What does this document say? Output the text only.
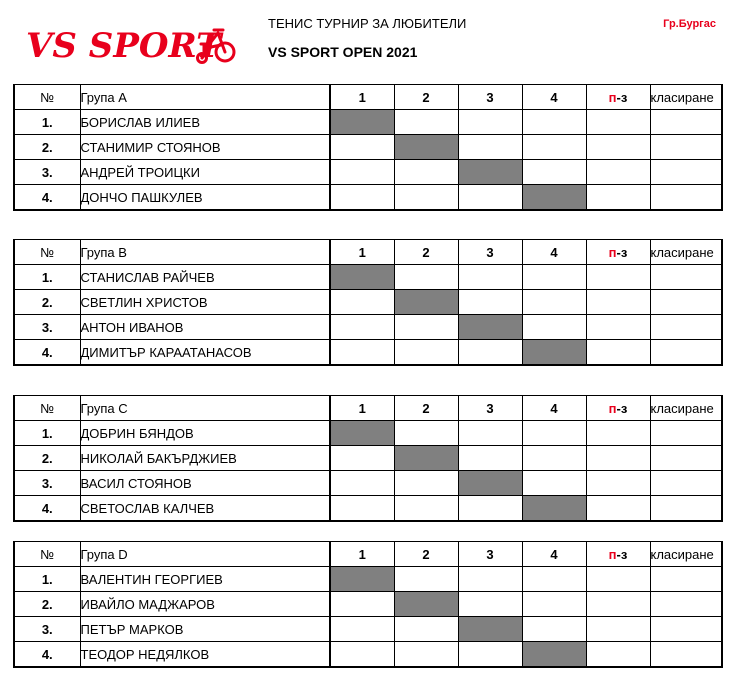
VS SPORT
ТЕНИС ТУРНИР ЗА ЛЮБИТЕЛИ
VS SPORT OPEN 2021
Гр.Бургас
№	Група А	1	2	3	4	п-з	класиране
1.	БОРИСЛАВ ИЛИЕВ						
2.	СТАНИМИР СТОЯНОВ						
3.	АНДРЕЙ ТРОИЦКИ						
4.	ДОНЧО ПАШКУЛЕВ						
№	Група В	1	2	3	4	п-з	класиране
1.	СТАНИСЛАВ РАЙЧЕВ						
2.	СВЕТЛИН ХРИСТОВ						
3.	АНТОН ИВАНОВ						
4.	ДИМИТЪР КАРААТАНАСОВ						
№	Група С	1	2	3	4	п-з	класиране
1.	ДОБРИН БЯНДОВ						
2.	НИКОЛАЙ БАКЪРДЖИЕВ						
3.	ВАСИЛ СТОЯНОВ						
4.	СВЕТОСЛАВ КАЛЧЕВ						
№	Група D	1	2	3	4	п-з	класиране
1.	ВАЛЕНТИН ГЕОРГИЕВ						
2.	ИВАЙЛО МАДЖАРОВ						
3.	ПЕТЪР МАРКОВ						
4.	ТЕОДОР НЕДЯЛКОВ						
